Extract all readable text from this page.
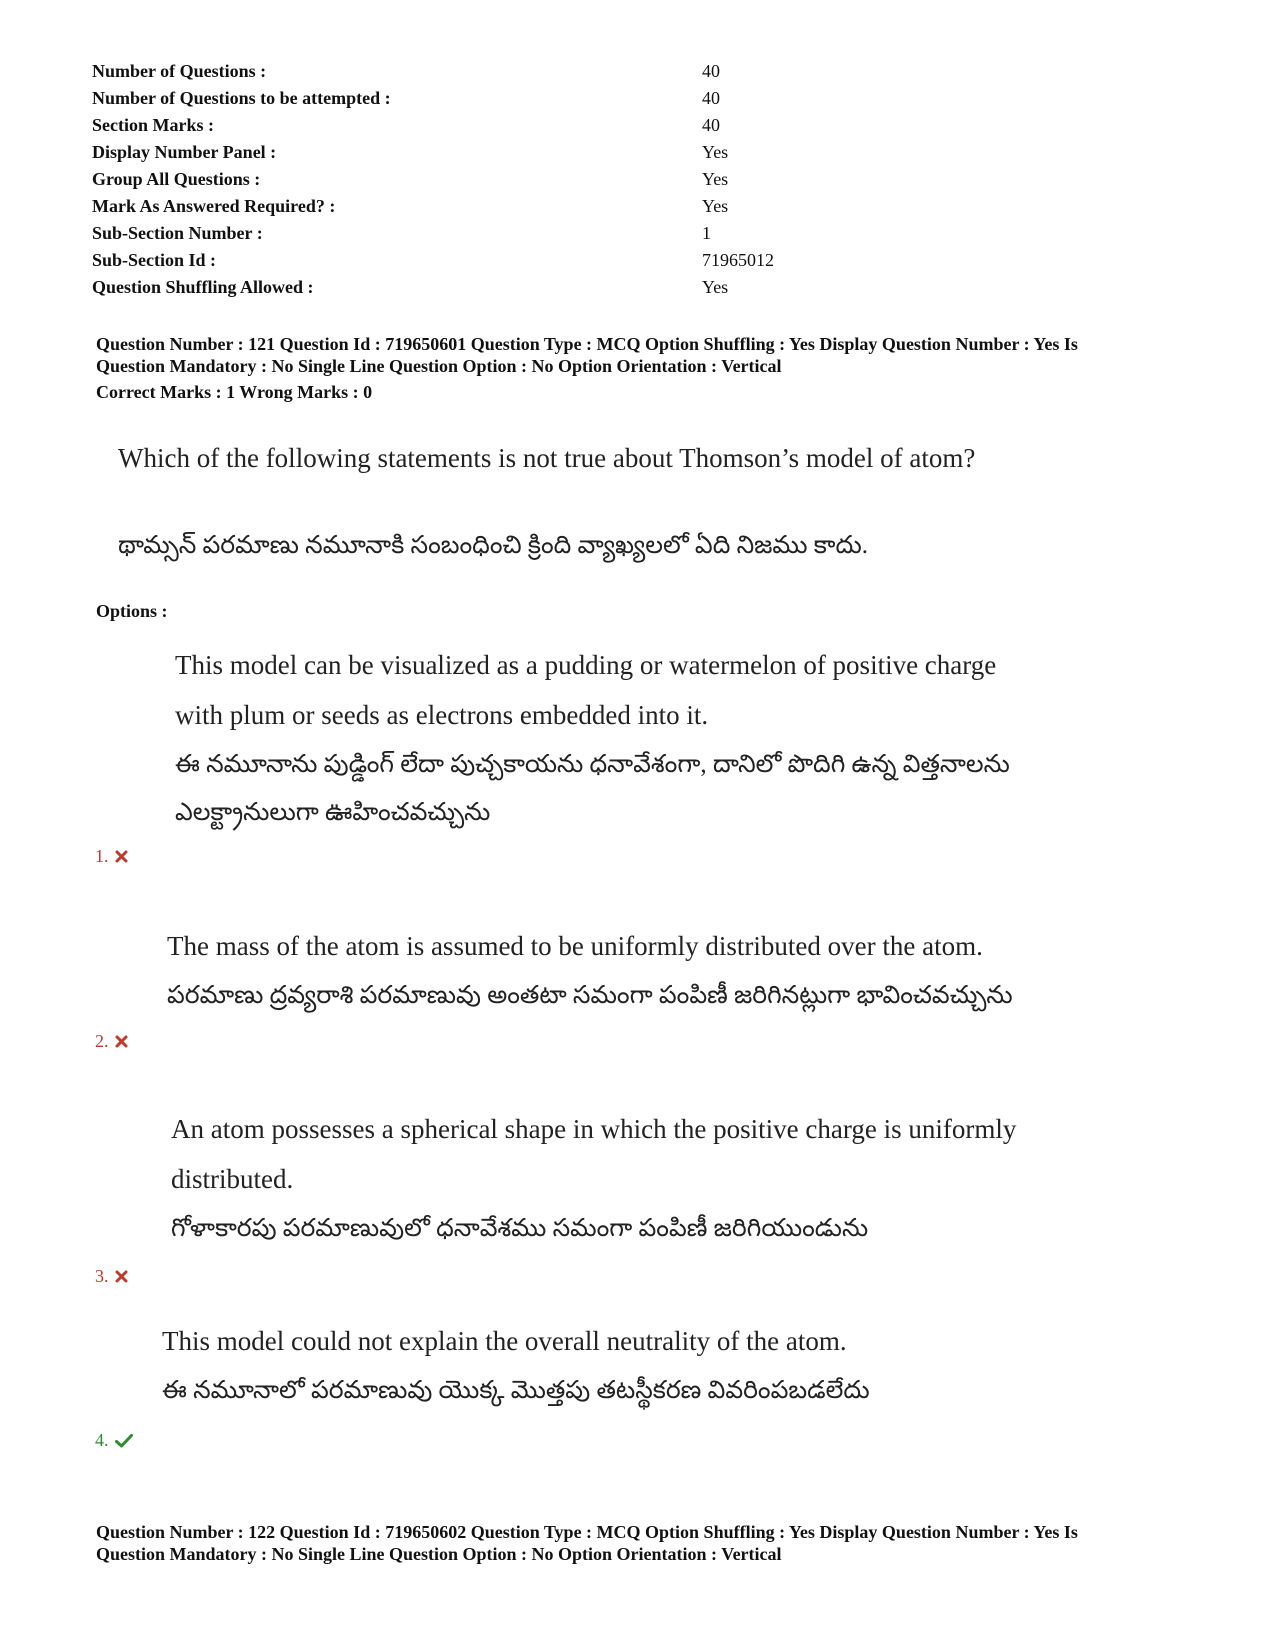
Number of Questions :	40
Number of Questions to be attempted :	40
Section Marks :	40
Display Number Panel :	Yes
Group All Questions :	Yes
Mark As Answered Required? :	Yes
Sub-Section Number :	1
Sub-Section Id :	71965012
Question Shuffling Allowed :	Yes
Question Number : 121 Question Id : 719650601 Question Type : MCQ Option Shuffling : Yes Display Question Number : Yes Is
Question Mandatory : No Single Line Question Option : No Option Orientation : Vertical
Correct Marks : 1 Wrong Marks : 0
Which of the following statements is not true about Thomson’s model of atom?
థామ్సన్ పరమాణు నమూనాకి సంబంధించి క్రింది వ్యాఖ్యలలో ఏది నిజము కాదు.
Options :
This model can be visualized as a pudding or watermelon of positive charge
with plum or seeds as electrons embedded into it.
ఈ నమూనాను పుడ్డింగ్ లేదా పుచ్చకాయను ధనావేశంగా, దానిలో పొదిగి ఉన్న విత్తనాలను
ఎలక్ట్రానులుగా ఊహించవచ్చును
1.
The mass of the atom is assumed to be uniformly distributed over the atom.
పరమాణు ద్రవ్యరాశి పరమాణువు అంతటా సమంగా పంపిణీ జరిగినట్లుగా భావించవచ్చును
2.
An atom possesses a spherical shape in which the positive charge is uniformly
distributed.
గోళాకారపు పరమాణువులో ధనావేశము సమంగా పంపిణీ జరిగియుండును
3.
This model could not explain the overall neutrality of the atom.
ఈ నమూనాలో పరమాణువు యొక్క మొత్తపు తటస్థీకరణ వివరింపబడలేదు
4.
Question Number : 122 Question Id : 719650602 Question Type : MCQ Option Shuffling : Yes Display Question Number : Yes Is
Question Mandatory : No Single Line Question Option : No Option Orientation : Vertical
